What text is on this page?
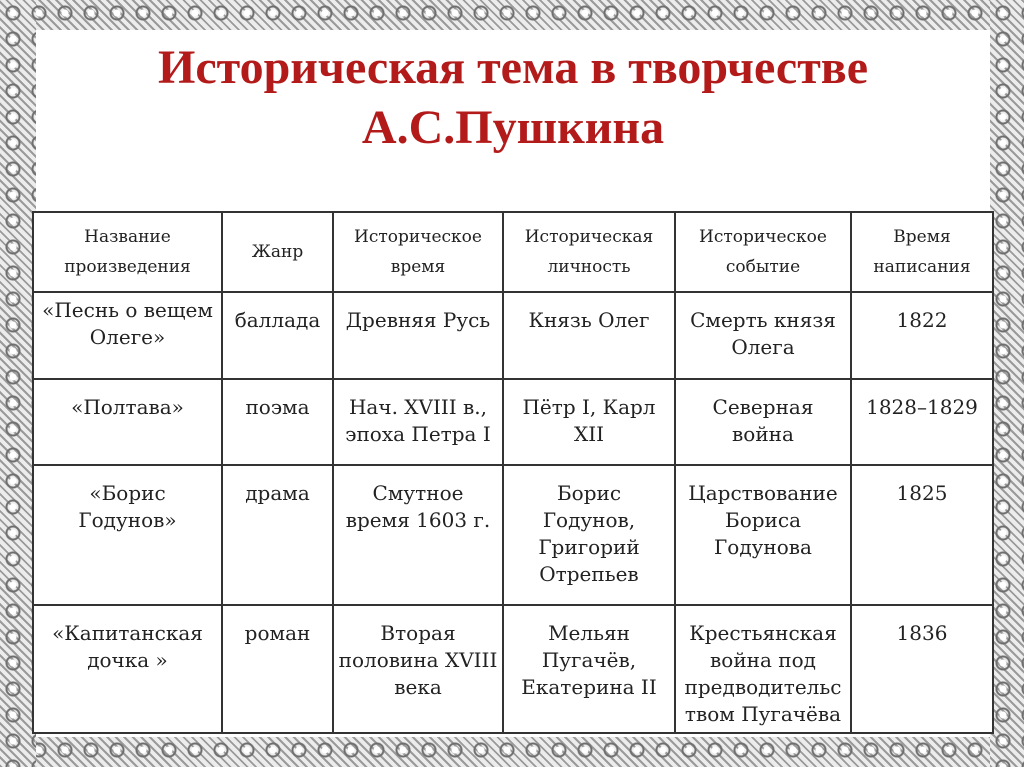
Историческая тема в творчестве
А.С.Пушкина
Название произведения	Жанр	Историческое время	Историческая личность	Историческое событие	Время написания
«Песнь о вещем Олеге»	баллада	Древняя Русь	Князь Олег	Смерть князя Олега	1822
«Полтава»	поэма	Нач. XVIII в., эпоха Петра I	Пётр I, Карл XII	Северная война	1828–1829
«Борис Годунов»	драма	Смутное время 1603 г.	Борис Годунов, Григорий Отрепьев	Царствование Бориса Годунова	1825
«Капитанская дочка »	роман	Вторая половина XVIII века	Мельян Пугачёв, Екатерина II	Крестьянская война под предводительс твом Пугачёва	1836
